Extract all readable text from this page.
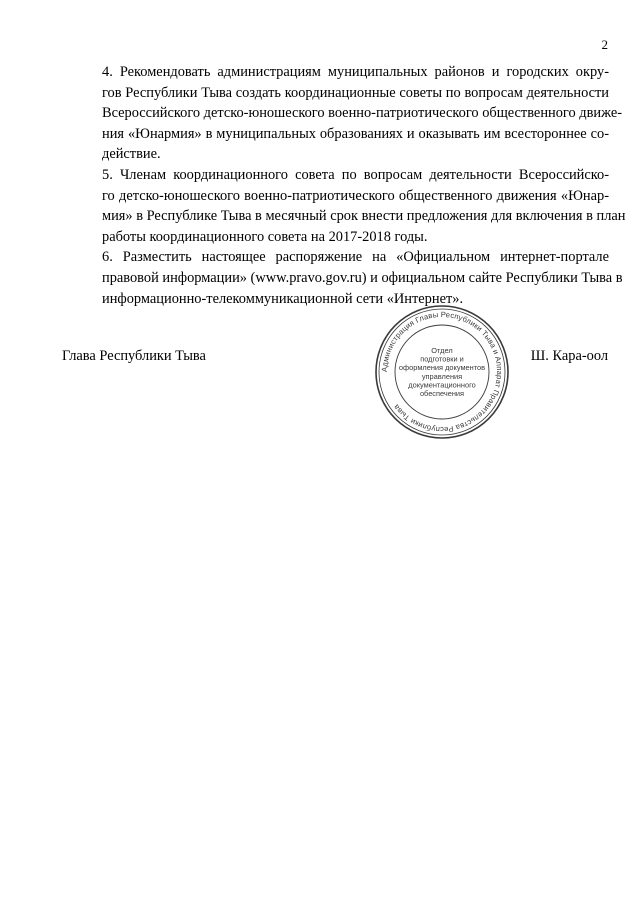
2

4. Рекомендовать администрациям муниципальных районов и городских окру-
гов Республики Тыва создать координационные советы по вопросам деятельности
Всероссийского детско-юношеского военно-патриотического общественного движе-
ния «Юнармия» в муниципальных образованиях и оказывать им всестороннее со-
действие.

5. Членам координационного совета по вопросам деятельности Всероссийско-
го детско-юношеского военно-патриотического общественного движения «Юнар-
мия» в Республике Тыва в месячный срок внести предложения для включения в план
работы координационного совета на 2017-2018 годы.

6. Разместить настоящее распоряжение на «Официальном интернет-портале
правовой информации» (www.pravo.gov.ru) и официальном сайте Республики Тыва в
информационно-телекоммуникационной сети «Интернет».

Глава Республики Тыва
Администрация Главы Республики Тыва и Аппарат Правительства Республики Тыва
Отдел
подготовки и
оформления документов
управления
документационного
обеспечения
Ш. Кара-оол
